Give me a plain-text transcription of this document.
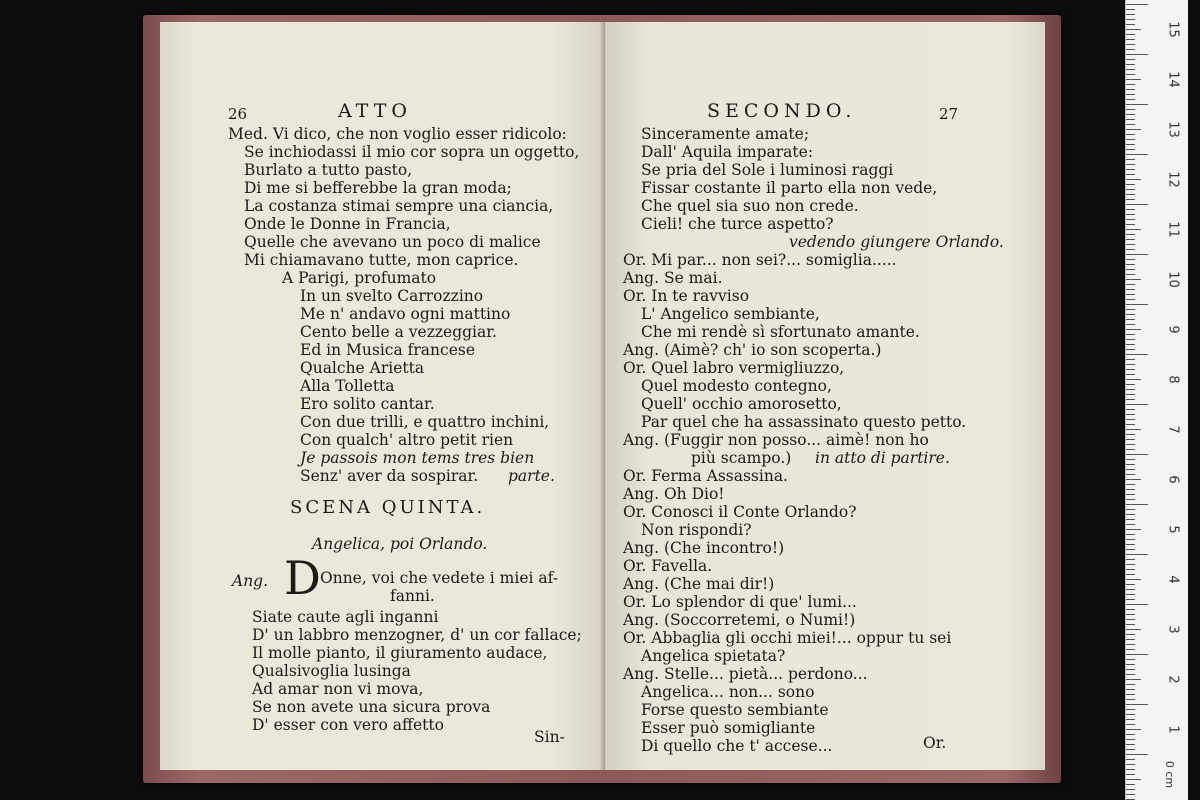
26	ATTO
Med. Vi dico, che non voglio esser ridicolo:
Se inchiodassi il mio cor sopra un oggetto,
Burlato a tutto pasto,
Di me si befferebbe la gran moda;
La costanza stimai sempre una ciancia,
Onde le Donne in Francia,
Quelle che avevano un poco di malice
Mi chiamavano tutte, mon caprice.
A Parigi, profumato
In un svelto Carrozzino
Me n' andavo ogni mattino
Cento belle a vezzeggiar.
Ed in Musica francese
Qualche Arietta
Alla Tolletta
Ero solito cantar.
Con due trilli, e quattro inchini,
Con qualch' altro petit rien
Je passois mon tems tres bien
Senz' aver da sospirar. parte.
SCENA QUINTA.
Angelica, poi Orlando.
Ang. D Onne, voi che vedete i miei af-
fanni.
Siate caute agli inganni
D' un labbro menzogner, d' un cor fallace;
Il molle pianto, il giuramento audace,
Qualsivoglia lusinga
Ad amar non vi mova,
Se non avete una sicura prova
D' esser con vero affetto
Sin-
SECONDO.	27
Sinceramente amate;
Dall' Aquila imparate:
Se pria del Sole i luminosi raggi
Fissar costante il parto ella non vede,
Che quel sia suo non crede.
Cieli! che turce aspetto?
vedendo giungere Orlando.
Or. Mi par... non sei?... somiglia.....
Ang. Se mai.
Or. In te ravviso
L' Angelico sembiante,
Che mi rendè sì sfortunato amante.
Ang. (Aimè? ch' io son scoperta.)
Or. Quel labro vermigliuzzo,
Quel modesto contegno,
Quell' occhio amorosetto,
Par quel che ha assassinato questo petto.
Ang. (Fuggir non posso... aimè! non ho
più scampo.) in atto di partire.
Or. Ferma Assassina.
Ang. Oh Dio!
Or. Conosci il Conte Orlando?
Non rispondi?
Ang. (Che incontro!)
Or. Favella.
Ang. (Che mai dir!)
Or. Lo splendor di que' lumi...
Ang. (Soccorretemi, o Numi!)
Or. Abbaglia gli occhi miei!... oppur tu sei
Angelica spietata?
Ang. Stelle... pietà... perdono...
Angelica... non... sono
Forse questo sembiante
Esser può somigliante
Di quello che t' accese...	Or.
15
14
13
12
11
10
9
8
7
6
5
4
3
2
1
0 cm
